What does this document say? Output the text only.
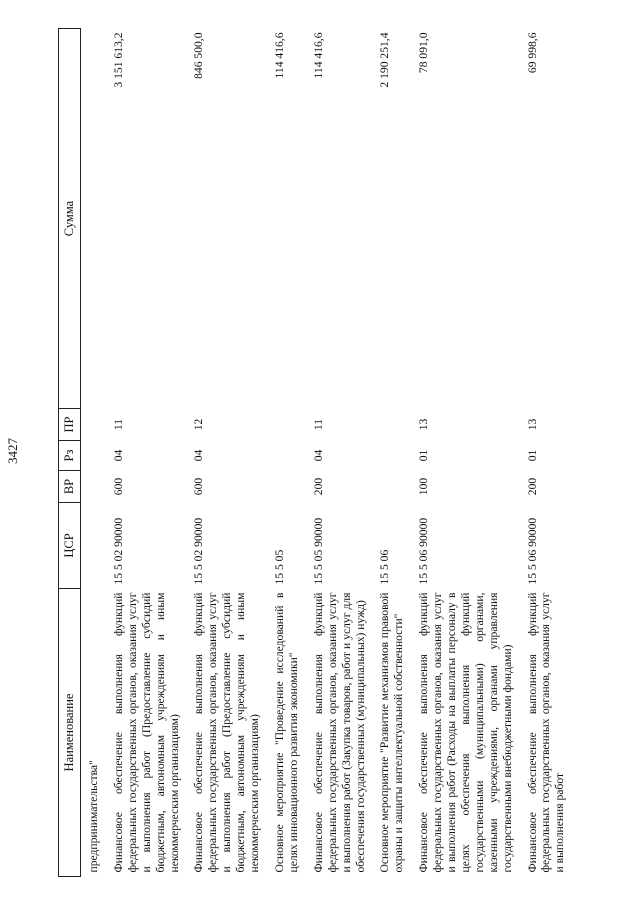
3427
Наименование	ЦСР	ВР	Рз	ПР	Сумма
предпринимательства"					
Финансовое обеспечение выполнения функций федеральных государственных органов, оказания услуг и выполнения работ (Предоставление субсидий бюджетным, автономным учреждениям и иным некоммерческим организациям)	15 5 02 90000	600	04	11	3 151 613,2
Финансовое обеспечение выполнения функций федеральных государственных органов, оказания услуг и выполнения работ (Предоставление субсидий бюджетным, автономным учреждениям и иным некоммерческим организациям)	15 5 02 90000	600	04	12	846 500,0
Основное мероприятие "Проведение исследований в целях инновационного развития экономики"	15 5 05				114 416,6
Финансовое обеспечение выполнения функций федеральных государственных органов, оказания услуг и выполнения работ (Закупка товаров, работ и услуг для обеспечения государственных (муниципальных) нужд)	15 5 05 90000	200	04	11	114 416,6
Основное мероприятие "Развитие механизмов правовой охраны и защиты интеллектуальной собственности"	15 5 06				2 190 251,4
Финансовое обеспечение выполнения функций федеральных государственных органов, оказания услуг и выполнения работ (Расходы на выплаты персоналу в целях обеспечения выполнения функций государственными (муниципальными) органами, казенными учреждениями, органами управления государственными внебюджетными фондами)	15 5 06 90000	100	01	13	78 091,0
Финансовое обеспечение выполнения функций федеральных государственных органов, оказания услуг и выполнения работ	15 5 06 90000	200	01	13	69 998,6
